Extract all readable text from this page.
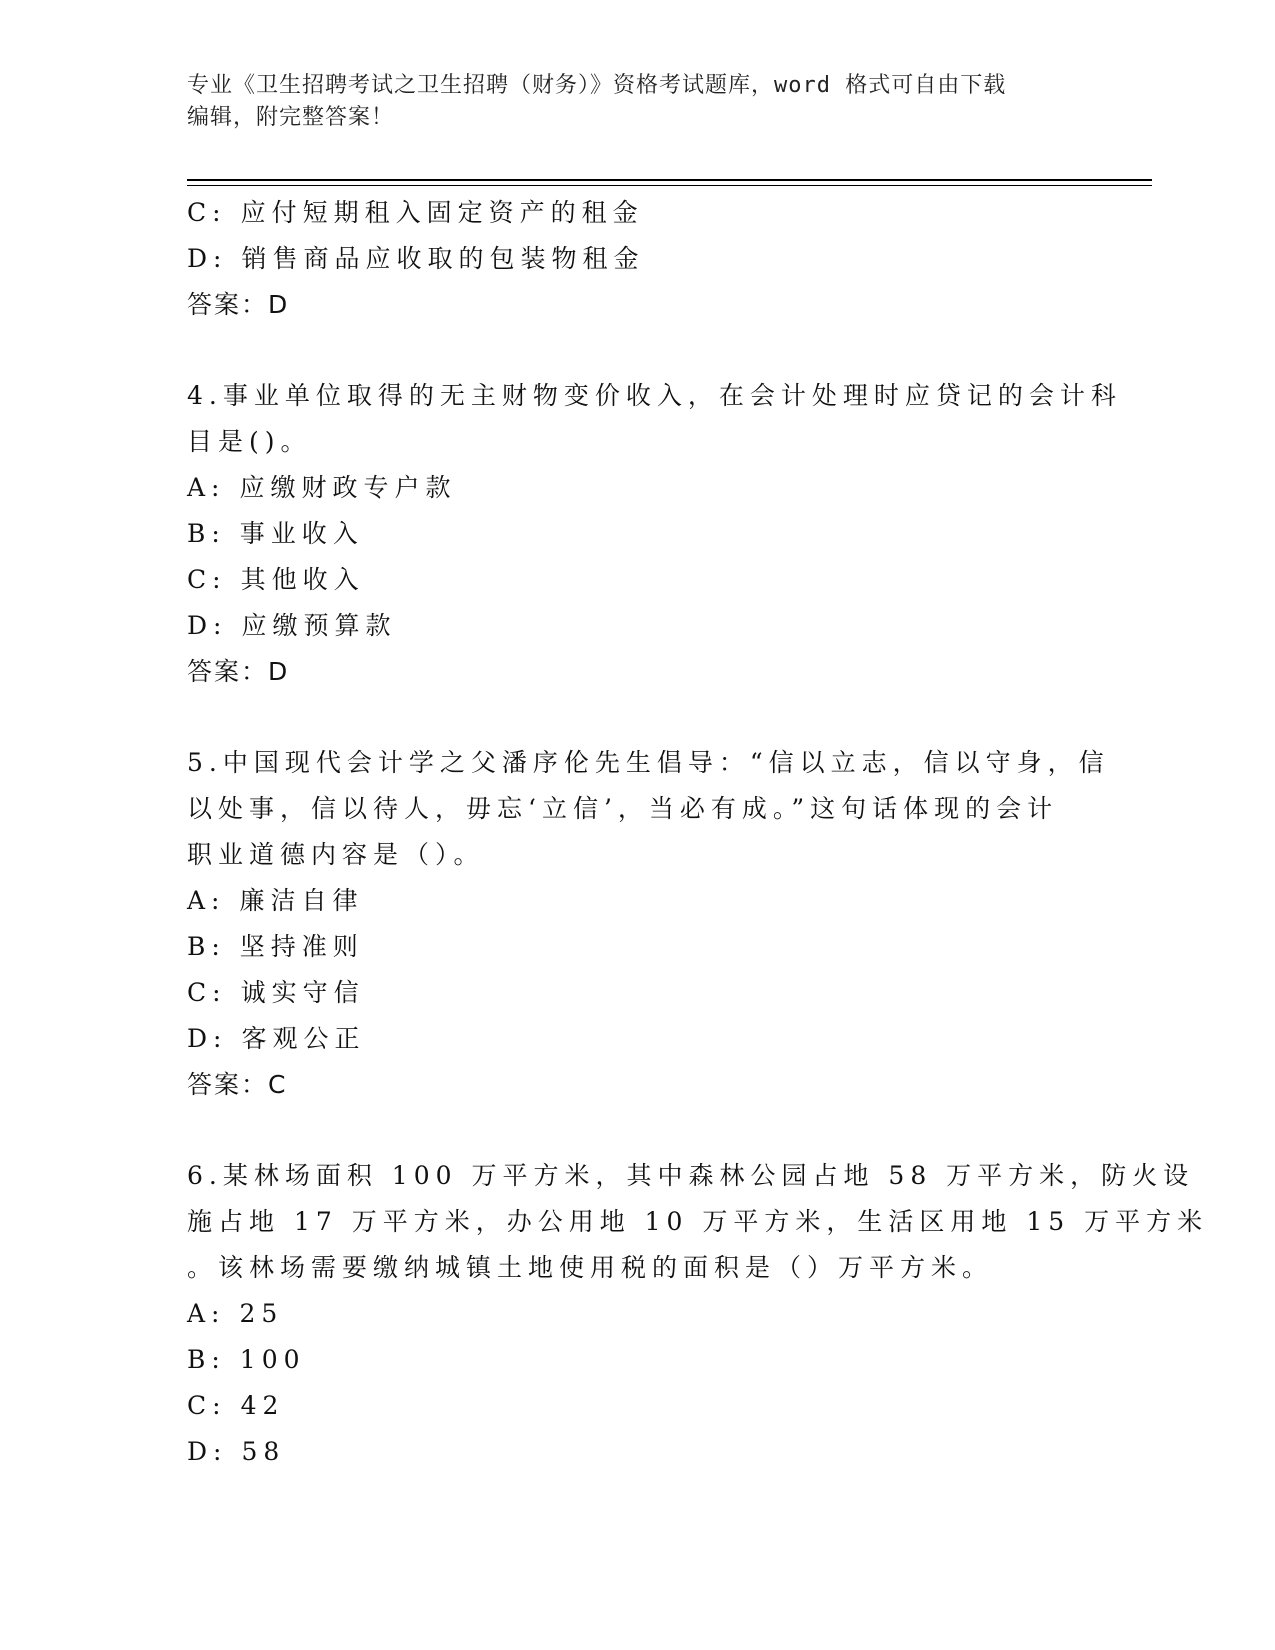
专业《卫生招聘考试之卫生招聘（财务）》资格考试题库，word 格式可自由下载
编辑，附完整答案！
C: 应付短期租入固定资产的租金
D: 销售商品应收取的包装物租金
答案：D
4.事业单位取得的无主财物变价收入，在会计处理时应贷记的会计科
目是()。
A: 应缴财政专户款
B: 事业收入
C: 其他收入
D: 应缴预算款
答案：D
5.中国现代会计学之父潘序伦先生倡导：“信以立志，信以守身，信
以处事，信以待人，毋忘‘立信’，当必有成。”这句话体现的会计
职业道德内容是（）。
A: 廉洁自律
B: 坚持准则
C: 诚实守信
D: 客观公正
答案：C
6.某林场面积 100 万平方米，其中森林公园占地 58 万平方米，防火设
施占地 17 万平方米，办公用地 10 万平方米，生活区用地 15 万平方米
。该林场需要缴纳城镇土地使用税的面积是（）万平方米。
A: 25
B: 100
C: 42
D: 58
